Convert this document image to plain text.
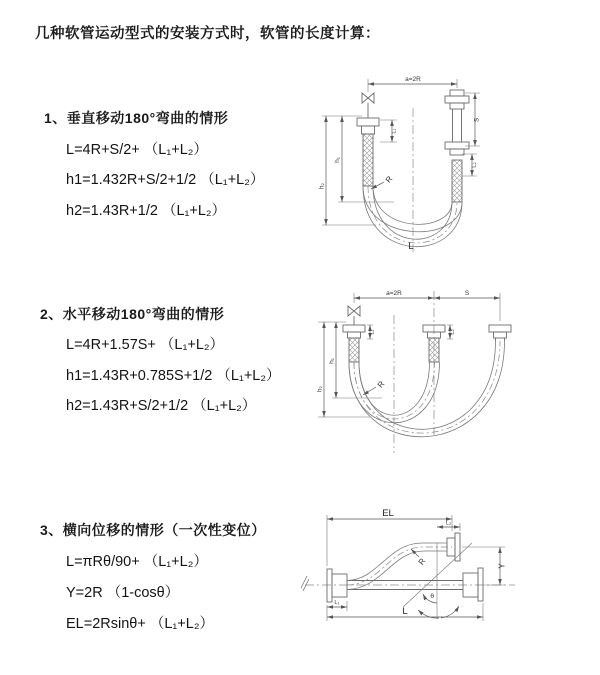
几种软管运动型式的安装方式时，软管的长度计算：
1、垂直移动180°弯曲的情形
L=4R+S/2+ （L₁+L₂）
h1=1.432R+S/2+1/2 （L₁+L₂）
h2=1.43R+1/2 （L₁+L₂）
a=2R
S
L₂
L₁
h₁
h₂
R
L
2、水平移动180°弯曲的情形
L=4R+1.57S+ （L₁+L₂）
h1=1.43R+0.785S+1/2 （L₁+L₂）
h2=1.43R+S/2+1/2 （L₁+L₂）
a=2R	S
h₁
h₂
L₁	L₂
R
3、横向位移的情形（一次性变位）
L=πRθ/90+ （L₁+L₂）
Y=2R （1-cosθ）
EL=2Rsinθ+ （L₁+L₂）
θ
EL
L₂
Y
L₁
L
R
